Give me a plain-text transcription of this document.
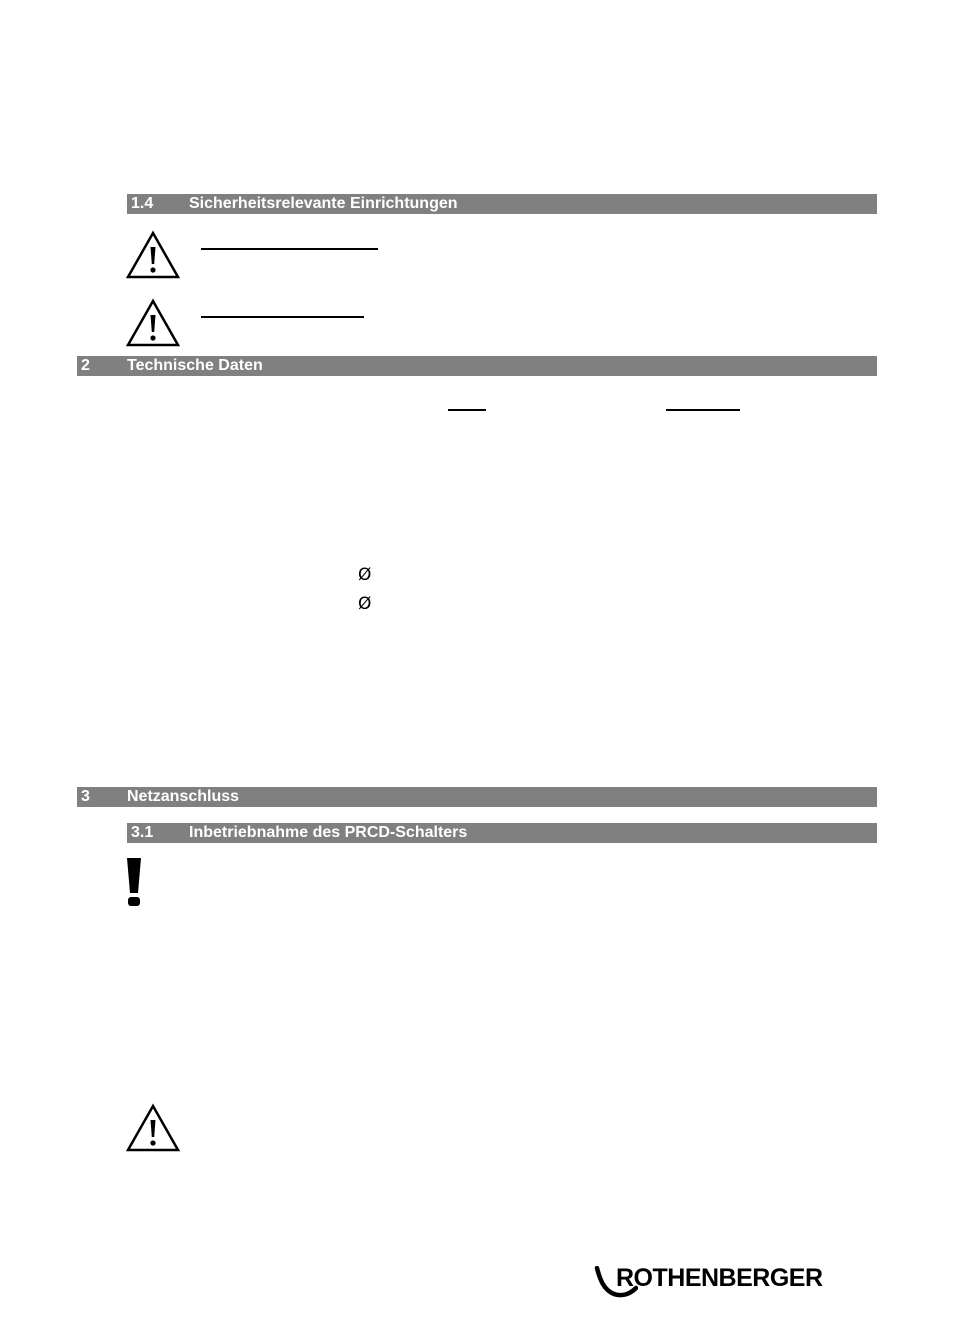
1.4 Sicherheitsrelevante Einrichtungen
2 Technische Daten
Ø
Ø
3 Netzanschluss
3.1 Inbetriebnahme des PRCD-Schalters
ROTHENBERGER
